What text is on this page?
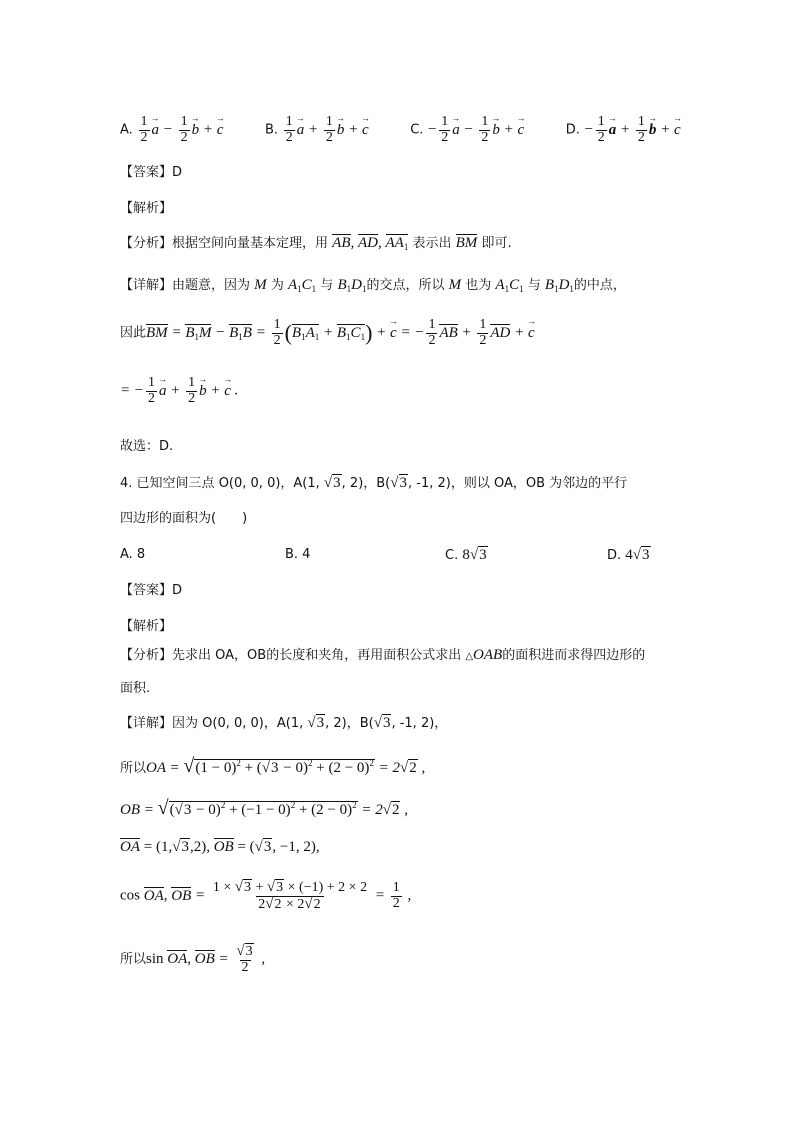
A. $\frac{1}{2}$
→ $a - \frac{1}{2}$
→ b + → c	B. $\frac{1}{2}$
→ $a + \frac{1}{2}$
→ b + → c	C. − $\frac{1}{2}$
→ $a - \frac{1}{2}$
→ b + → c	D. − $\frac{1}{2}$
→ $a + \frac{1}{2}$
→ b + → c
【答案】D
【解析】
【分析】根据空间向量基本定理，用 AB, AD, $AA_1$ 表示出 BM 即可.
【详解】由题意，因为 M 为 $A_1C_1$ 与 $B_1D_1$的交点，所以 M 也为 $A_1C_1$ 与 $B_1D_1$的中点，
因此BM = $B_1M - B_1B = \frac{1}{2} (B_1A_1 + B_1C_1)$ + → c = − $\frac{1}{2}$ AB + $\frac{1}{2}$ AD + → c
= − $\frac{1}{2}$
→ $a + \frac{1}{2}$
→ b + → c .
故选：D.
4. 已知空间三点 O(0, 0, 0)，A(1, √3, 2)，B(√3, -1, 2)，则以 OA，OB 为邻边的平行
四边形的面积为(　　)
A. 8	B. 4	C. 8√3	D. 4√3
【答案】D
【解析】
【分析】先求出 OA，OB的长度和夹角，再用面积公式求出 △OAB的面积进而求得四边形的
面积.
【详解】因为 O(0, 0, 0)，A(1, √3, 2)，B(√3, -1, 2)，
所以OA = $√(1 - 0)^2 + (√3 - 0)^2 + (2 - 0)^2 = 2√2$ ,
OB = $√(√3 - 0)^2 + (-1 - 0)^2 + (2 - 0)^2 = 2√2$ ,
OA = (1,√3,2), OB = (√3, −1, 2),
cos OA, OB = $\frac{1 \times √3 + √3 \times (-1) + 2 \times 2}{2√2 \times 2√2} = \frac{1}{2}$ ,
所以sin OA, OB = $\frac{√3}{2}$ ,
